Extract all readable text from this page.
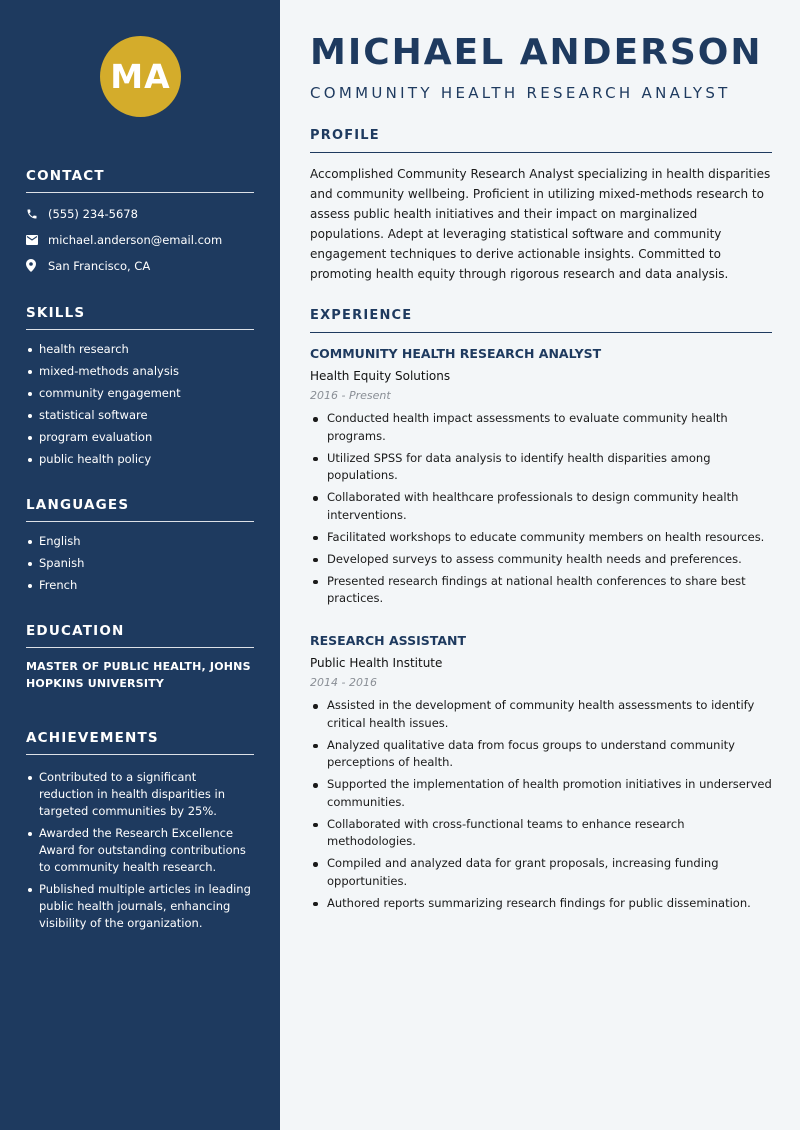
MA
CONTACT
(555) 234-5678
michael.anderson@email.com
San Francisco, CA
SKILLS
health research
mixed-methods analysis
community engagement
statistical software
program evaluation
public health policy
LANGUAGES
English
Spanish
French
EDUCATION
MASTER OF PUBLIC HEALTH, JOHNS HOPKINS UNIVERSITY
ACHIEVEMENTS
Contributed to a significant reduction in health disparities in targeted communities by 25%.
Awarded the Research Excellence Award for outstanding contributions to community health research.
Published multiple articles in leading public health journals, enhancing visibility of the organization.
MICHAEL ANDERSON
COMMUNITY HEALTH RESEARCH ANALYST
PROFILE
Accomplished Community Research Analyst specializing in health disparities and community wellbeing. Proficient in utilizing mixed-methods research to assess public health initiatives and their impact on marginalized populations. Adept at leveraging statistical software and community engagement techniques to derive actionable insights. Committed to promoting health equity through rigorous research and data analysis.
EXPERIENCE
COMMUNITY HEALTH RESEARCH ANALYST
Health Equity Solutions
2016 - Present
Conducted health impact assessments to evaluate community health programs.
Utilized SPSS for data analysis to identify health disparities among populations.
Collaborated with healthcare professionals to design community health interventions.
Facilitated workshops to educate community members on health resources.
Developed surveys to assess community health needs and preferences.
Presented research findings at national health conferences to share best practices.
RESEARCH ASSISTANT
Public Health Institute
2014 - 2016
Assisted in the development of community health assessments to identify critical health issues.
Analyzed qualitative data from focus groups to understand community perceptions of health.
Supported the implementation of health promotion initiatives in underserved communities.
Collaborated with cross-functional teams to enhance research methodologies.
Compiled and analyzed data for grant proposals, increasing funding opportunities.
Authored reports summarizing research findings for public dissemination.
